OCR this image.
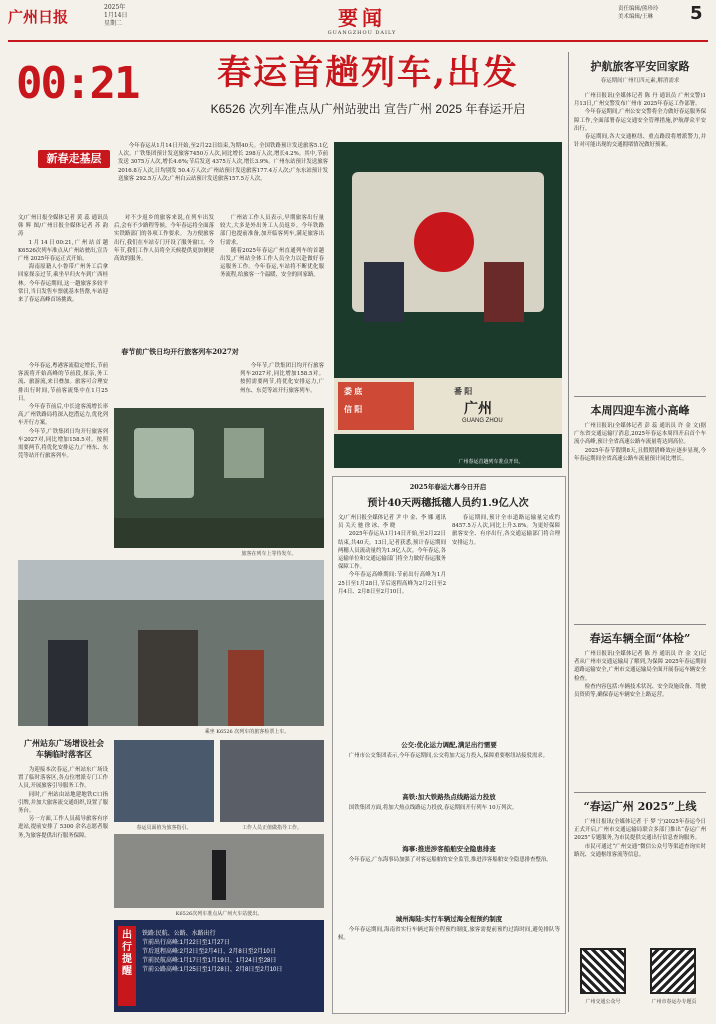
广州日报
2025年
1月14日
星期二	要闻
GUANGZHOU DAILY
责任编辑/熊珍玲
美术编辑/王琳	5
00:21	春运首趟列车,出发
K6526 次列车准点从广州站驶出 宣告广州 2025 年春运开启
新春走基层

今年春运从1月14日开始,至2月22日结束,为期40天。全国铁路预计发送旅客5.1亿人次。广铁集团预计发送旅客7450万人次,同比增长 298万人次,增长4.2%。其中,节前发送 3075万人次,增长4.6%;节后发送 4375万人次,增长3.9%。广州东站预计发送旅客2016.8万人次,日均别发 50.4万人次;广州站预计发送旅客177.4万人次;广东东站预计发送旅客 292.5万人次;广州白云站预计发送旅客157.5万人次。

文/广州日报全媒体记者 黄 蕊 通讯员 韩 辉 图/广州日报全媒体记者 苏 韵 涛

1月14日00:21,广州站首趟 K6526次列车准点从广州站驶出,宣告广州 2025年春运正式开始。

海南原籍人小鲁带广州务工后拿回家探亲过节,乘坐早归火车到广西桂林。今年春运期间,这一趟旅客多较平常日,当日发售车票就基本售罄,车站迎来了春运高峰首场挑战。

对不少返乡的旅客来说,在列车出发后,会有不少路程等候。今年春运将全面落实铁路部门的各项工作要求。 为方便旅客出行,我们在车站专门开设了服务窗口。今年节,我们工作人员将全天候提供更加便捷高效的服务。

广州站工作人员表示,早期旅客出行量较大,大多是外出务工人员返乡。今年铁路部门也提前准备,加开临客列车,满足旅客出行需求。

随着2025年春运广州直通列车的首趟出发,广州站全体工作人员全力以赴做好春运服务工作。今年春运,车站将不断优化服务流程,给旅客一个温暖、安全的回家路。

春节前广铁日均开行旅客列车2027对

今年春运,粤港客流稳定增长,节前客流将开始高峰的节前段,探亲,务工流、旅游流,来日叠加。旅客可合理安排出行时间,节前客流集中在1月25日。

今年春节前后,中长途客流增长率高,广州铁路局将深入挖潜运力,优化列车开行方案。

今年节,广铁集团日均开行旅客列车2027对,同比增加158.5对。按照需要两节,将优化安排运力,广州东、东莞等站开行旅客列车。

今年节,广铁集团日均开行旅客列车2027对,同比增加158.5对。按照需要两节,将优化安排运力,广州东、东莞等站开行旅客列车。

旅客在列车上等待发车。
乘坐 K6526 次列车的旅客检票上车。
广州站东广场增设社会车辆临时落客区

为迎接本次春运,广州站东广场设置了临时落客区,各点位增派专门工作人员,开展旅客引导服务工作。

同时,广州站由站地建地铁C口指引牌,并加大旅客流交通组织,设置了服务台。

另一方面,工作人员疏导旅客有序进站,提前安排了 5300 余名志愿者服务,为旅客提供出行服务保障。

春运员面值为旅客指引。	工作人员正值做指导工作。
K6526次列车准点从广州火车站驶出。
出行提醒
铁路:民航、公路、水路出行
节前出行高峰:1月22日至1月27日
节后返程高峰:2月2日至2月4日、2月8日至2月10日
节前民航高峰:1月17日至1月19日、1月24日至28日
节前公路高峰:1月25日至1月28日、2月8日至2月10日
娄 底
信 阳
番 阳
广州
GUANG ZHOU
广州春运首趟列车准点开出。
2025年春运大幕今日开启
预计40天两穗抵穗人员约1.9亿人次

文/广州日报全媒体记者 尹 中 金、李 娜 通讯员 关天 驰 徐 冰、李 晓

2025年春运从1月14日开始,至2月22日结束,共40天。13日,记者获悉,预计春运期间两穗人员流动量约为1.9亿人次。今年春运,各运输单位和交通运输部门将全力做好春运服务保障工作。

今年春运高峰期间:节前出行高峰为1月25日至1月28日,节后返程高峰为2月2日至2月4日、2月8日至2月10日。

春运期间,预计全市道路运输量完成约8457.5万人次,同比上升3.8%。为更好保障旅客安全、有序出行,各交通运输部门将合理安排运力。

公交:优化运力调配,满足出行需要

广州市公交集团表示,今年春运期间,公交将加大运力投入,保障重要枢纽站接驳需求。

高铁:加大铁路热点线路运力投放

国铁集团方面,将加大热点线路运力投放,春运期间开行列车 10万列次。

海事:推进涉客船舶安全隐患排查

今年春运,广东海事局加强了对客运船舶的安全监管,推进涉客船舶安全隐患排查整治。

城州海陆:实行车辆过海全程预约制度

今年春运期间,海南省实行车辆过海全程预约制度,旅客需提前预约过海时间,避免排队等候。

护航旅客平安回家路
春运期间广州红四元素,解消需求

广州日报讯(全媒体记者 陈 丹 通讯员 广州交警)1月13日,广州交警发布广州市 2025年春运工作部署。

今年春运期间,广州公安交警将全力做好春运服务保障工作,全面部署春运交通安全管理措施,护航群众平安出行。

春运期间,各大交通枢纽、重点路段将增派警力,并针对可能出现的交通拥堵情况做好预案。

本周四迎车流小高峰

广州日报讯(全媒体记者 彭 蕊 通讯员 许 金 文)据广东省交通运输厅消息,2025年春运本周四开启首个车流小高峰,预计全省高速公路车流量将达到高位。

2025年春节假期8天,且假期错峰效应逐步显现,今年春运期间全省高速公路车流量预计同比增长。

春运车辆全面“体检”

广州日报讯(全媒体记者 陈 丹 通讯员 许 金 文)记者从广州市交通运输局了解到,为保障 2025年春运期间道路运输安全,广州市交通运输局全面开展春运车辆安全检查。

检查内容包括:车辆技术状况、安全设施设备、驾驶员资质等,确保春运车辆安全上路运营。

“春运广州 2025”上线

广州日报讯(全媒体记者 于 梦 宁)2025年春运今日正式开启,广州市交通运输局联合多部门推出“春运广州 2025”专题服务,为市民提供交通出行信息查询服务。

市民可通过“广州交通”微信公众号等渠道查询实时路况、交通枢纽客流等信息。

广州交通公众号	广州市春运办专题页
